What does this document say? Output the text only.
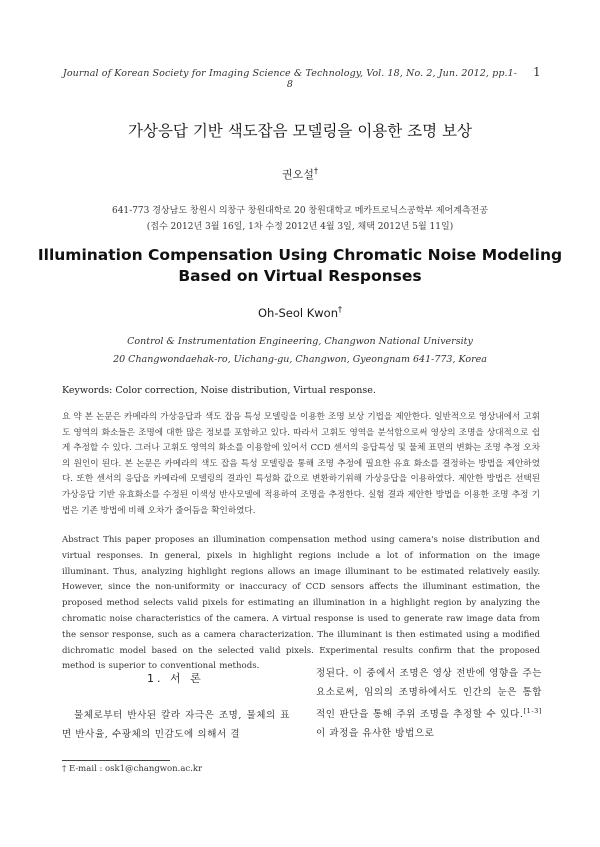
Journal of Korean Society for Imaging Science & Technology, Vol. 18, No. 2, Jun. 2012, pp.1-8
1
가상응답 기반 색도잡음 모델링을 이용한 조명 보상
권오설†
641-773 경상남도 창원시 의창구 창원대학로 20 창원대학교 메카트로닉스공학부 제어계측전공
(접수 2012년 3월 16일, 1차 수정 2012년 4월 3일, 채택 2012년 5월 11일)
Illumination Compensation Using Chromatic Noise Modeling
Based on Virtual Responses
Oh-Seol Kwon†
Control & Instrumentation Engineering, Changwon National University
20 Changwondaehak-ro, Uichang-gu, Changwon, Gyeongnam 641-773, Korea
Keywords: Color correction, Noise distribution, Virtual response.
요 약 본 논문은 카메라의 가상응답과 색도 잡음 특성 모델링을 이용한 조명 보상 기법을 제안한다. 일반적으로 영상내에서 고휘도 영역의 화소들은 조명에 대한 많은 정보를 포함하고 있다. 따라서 고휘도 영역을 분석함으로써 영상의 조명을 상대적으로 쉽게 추정할 수 있다. 그러나 고휘도 영역의 화소를 이용함에 있어서 CCD 센서의 응답특성 및 물체 표면의 변화는 조명 추정 오차의 원인이 된다. 본 논문은 카메라의 색도 잡음 특성 모델링을 통해 조명 추정에 필요한 유효 화소를 결정하는 방법을 제안하였다. 또한 센서의 응답을 카메라에 모델링의 결과인 특성화 값으로 변환하기위해 가상응답을 이용하였다. 제안한 방법은 선택된 가상응답 기반 유효화소를 수정된 이색성 반사모델에 적용하여 조명을 추정한다. 실험 결과 제안한 방법을 이용한 조명 추정 기법은 기존 방법에 비해 오차가 줄어듬을 확인하였다.
Abstract This paper proposes an illumination compensation method using camera's noise distribution and virtual responses. In general, pixels in highlight regions include a lot of information on the image illuminant. Thus, analyzing highlight regions allows an image illuminant to be estimated relatively easily. However, since the non-uniformity or inaccuracy of CCD sensors affects the illuminant estimation, the proposed method selects valid pixels for estimating an illumination in a highlight region by analyzing the chromatic noise characteristics of the camera. A virtual response is used to generate raw image data from the sensor response, such as a camera characterization. The illuminant is then estimated using a modified dichromatic model based on the selected valid pixels. Experimental results confirm that the proposed method is superior to conventional methods.
1. 서 론
물체로부터 반사된 칼라 자극은 조명, 물체의 표면 반사율, 수광체의 민감도에 의해서 결
정된다. 이 중에서 조명은 영상 전반에 영향을 주는 요소로써, 임의의 조명하에서도 인간의 눈은 통합적인 판단을 통해 주위 조명을 추정할 수 있다.[1-3] 이 과정을 유사한 방법으로
† E-mail : osk1@changwon.ac.kr
